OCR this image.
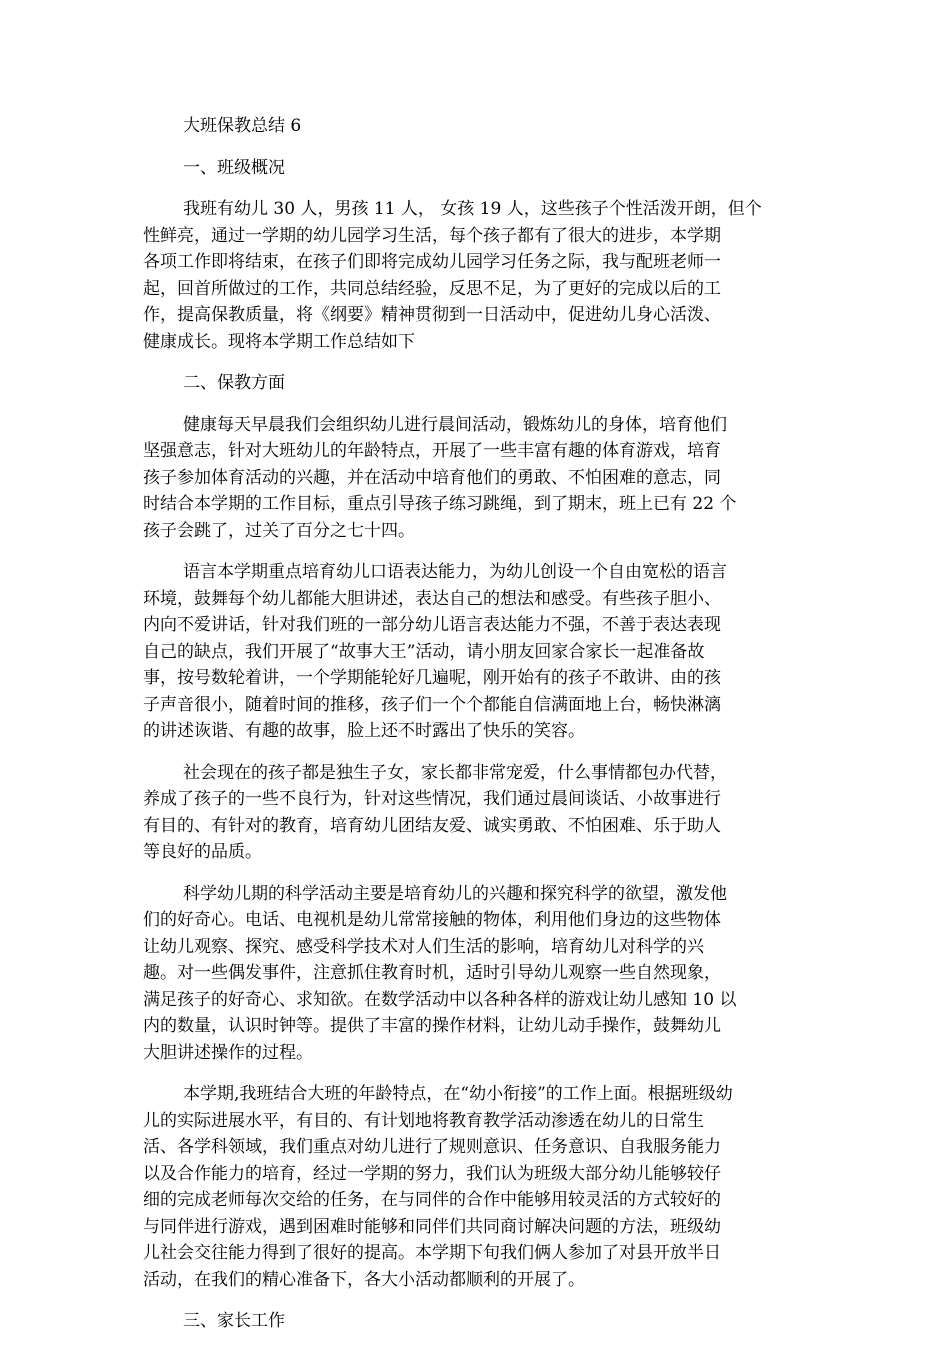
大班保教总结 6
一、班级概况
我班有幼儿 30 人，男孩 11 人， 女孩 19 人，这些孩子个性活泼开朗，但个
性鲜亮，通过一学期的幼儿园学习生活，每个孩子都有了很大的进步，本学期
各项工作即将结束，在孩子们即将完成幼儿园学习任务之际，我与配班老师一
起，回首所做过的工作，共同总结经验，反思不足，为了更好的完成以后的工
作，提高保教质量，将《纲要》精神贯彻到一日活动中，促进幼儿身心活泼、
健康成长。现将本学期工作总结如下
二、保教方面
健康每天早晨我们会组织幼儿进行晨间活动，锻炼幼儿的身体，培育他们
坚强意志，针对大班幼儿的年龄特点，开展了一些丰富有趣的体育游戏，培育
孩子参加体育活动的兴趣，并在活动中培育他们的勇敢、不怕困难的意志，同
时结合本学期的工作目标，重点引导孩子练习跳绳，到了期末，班上已有 22 个
孩子会跳了，过关了百分之七十四。
语言本学期重点培育幼儿口语表达能力，为幼儿创设一个自由宽松的语言
环境，鼓舞每个幼儿都能大胆讲述，表达自己的想法和感受。有些孩子胆小、
内向不爱讲话，针对我们班的一部分幼儿语言表达能力不强，不善于表达表现
自己的缺点，我们开展了“故事大王”活动，请小朋友回家合家长一起准备故
事，按号数轮着讲，一个学期能轮好几遍呢，刚开始有的孩子不敢讲、由的孩
子声音很小，随着时间的推移，孩子们一个个都能自信满面地上台，畅快淋漓
的讲述诙谐、有趣的故事，脸上还不时露出了快乐的笑容。
社会现在的孩子都是独生子女，家长都非常宠爱，什么事情都包办代替，
养成了孩子的一些不良行为，针对这些情况，我们通过晨间谈话、小故事进行
有目的、有针对的教育，培育幼儿团结友爱、诚实勇敢、不怕困难、乐于助人
等良好的品质。
科学幼儿期的科学活动主要是培育幼儿的兴趣和探究科学的欲望，激发他
们的好奇心。电话、电视机是幼儿常常接触的物体，利用他们身边的这些物体
让幼儿观察、探究、感受科学技术对人们生活的影响，培育幼儿对科学的兴
趣。对一些偶发事件，注意抓住教育时机，适时引导幼儿观察一些自然现象，
满足孩子的好奇心、求知欲。在数学活动中以各种各样的游戏让幼儿感知 10 以
内的数量，认识时钟等。提供了丰富的操作材料，让幼儿动手操作，鼓舞幼儿
大胆讲述操作的过程。
本学期,我班结合大班的年龄特点，在“幼小衔接”的工作上面。根据班级幼
儿的实际进展水平，有目的、有计划地将教育教学活动渗透在幼儿的日常生
活、各学科领域，我们重点对幼儿进行了规则意识、任务意识、自我服务能力
以及合作能力的培育，经过一学期的努力，我们认为班级大部分幼儿能够较仔
细的完成老师每次交给的任务，在与同伴的合作中能够用较灵活的方式较好的
与同伴进行游戏，遇到困难时能够和同伴们共同商讨解决问题的方法，班级幼
儿社会交往能力得到了很好的提高。本学期下旬我们俩人参加了对县开放半日
活动，在我们的精心准备下，各大小活动都顺利的开展了。
三、家长工作
